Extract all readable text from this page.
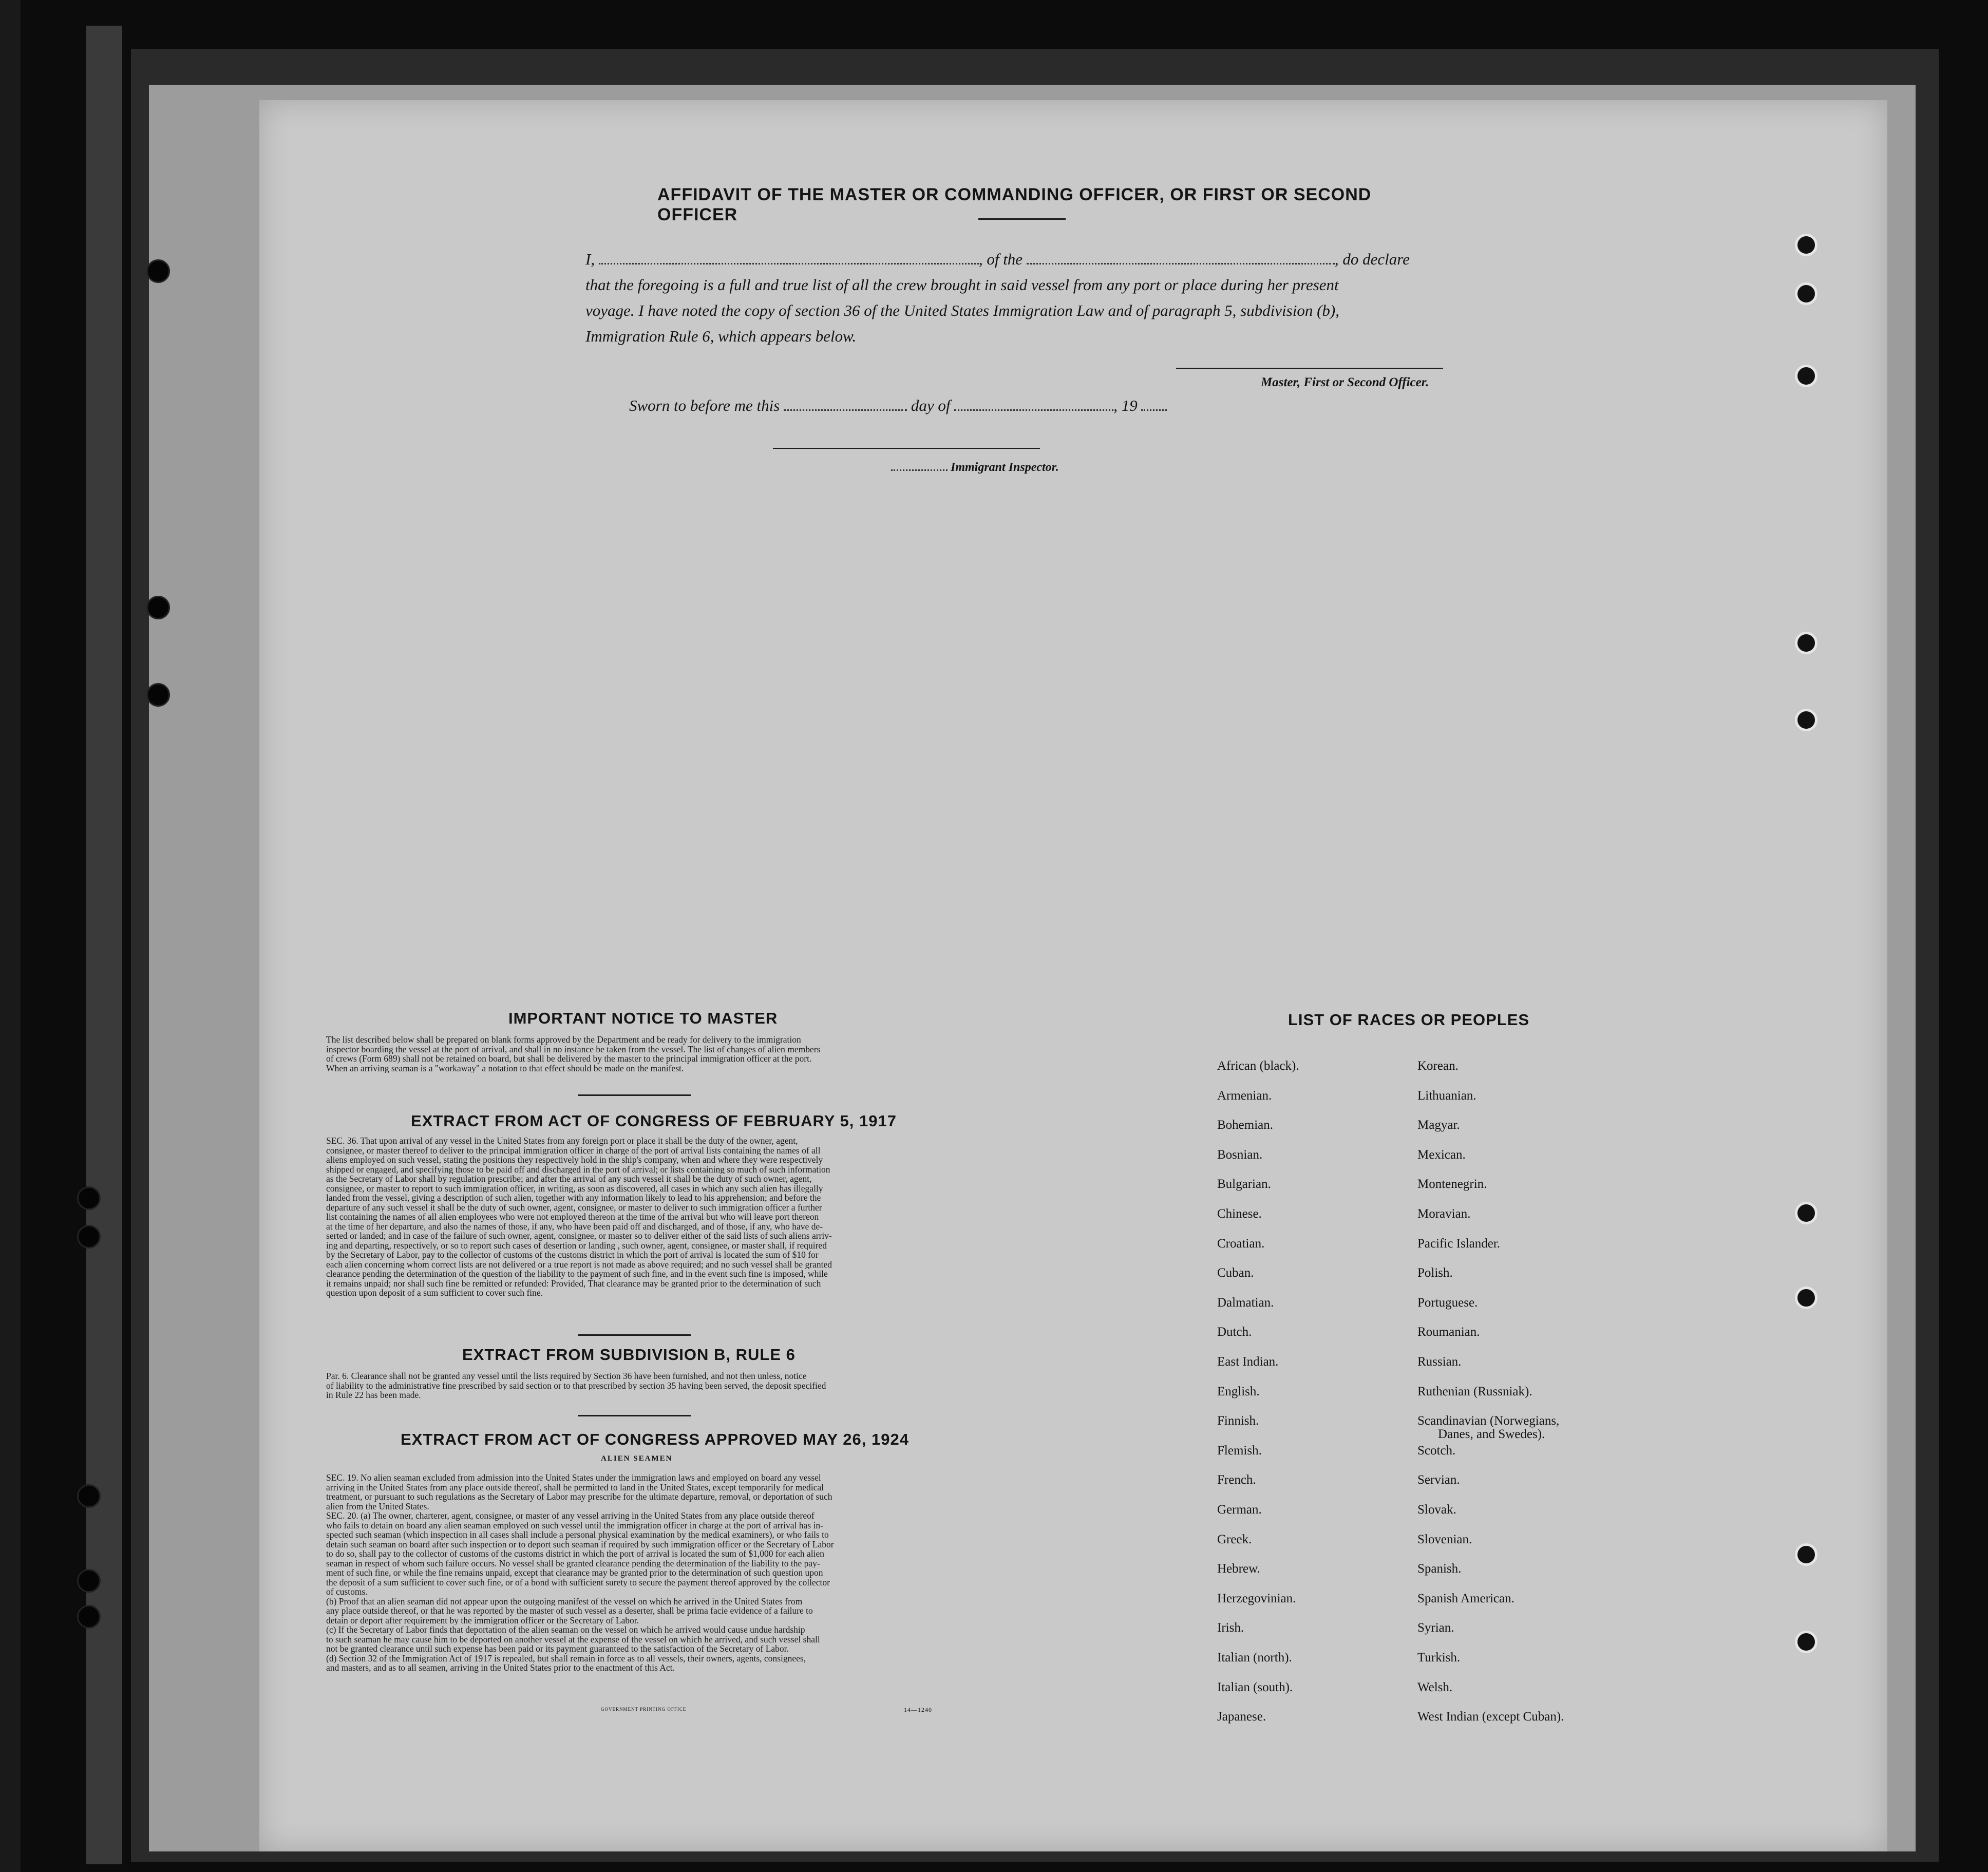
AFFIDAVIT OF THE MASTER OR COMMANDING OFFICER, OR FIRST OR SECOND OFFICER
I,	, of the	, do declare
that the foregoing is a full and true list of all the crew brought in said vessel from any port or place during her present
voyage. I have noted the copy of section 36 of the United States Immigration Law and of paragraph 5, subdivision (b),
Immigration Rule 6, which appears below.
Master, First or Second Officer.
Sworn to before me this	day of	, 19
Immigrant Inspector.
IMPORTANT NOTICE TO MASTER
The list described below shall be prepared on blank forms approved by the Department and be ready for delivery to the immigration
inspector boarding the vessel at the port of arrival, and shall in no instance be taken from the vessel. The list of changes of alien members
of crews (Form 689) shall not be retained on board, but shall be delivered by the master to the principal immigration officer at the port.
When an arriving seaman is a "workaway" a notation to that effect should be made on the manifest.
EXTRACT FROM ACT OF CONGRESS OF FEBRUARY 5, 1917
SEC. 36. That upon arrival of any vessel in the United States from any foreign port or place it shall be the duty of the owner, agent,
consignee, or master thereof to deliver to the principal immigration officer in charge of the port of arrival lists containing the names of all
aliens employed on such vessel, stating the positions they respectively hold in the ship's company, when and where they were respectively
shipped or engaged, and specifying those to be paid off and discharged in the port of arrival; or lists containing so much of such information
as the Secretary of Labor shall by regulation prescribe; and after the arrival of any such vessel it shall be the duty of such owner, agent,
consignee, or master to report to such immigration officer, in writing, as soon as discovered, all cases in which any such alien has illegally
landed from the vessel, giving a description of such alien, together with any information likely to lead to his apprehension; and before the
departure of any such vessel it shall be the duty of such owner, agent, consignee, or master to deliver to such immigration officer a further
list containing the names of all alien employees who were not employed thereon at the time of the arrival but who will leave port thereon
at the time of her departure, and also the names of those, if any, who have been paid off and discharged, and of those, if any, who have de-
serted or landed; and in case of the failure of such owner, agent, consignee, or master so to deliver either of the said lists of such aliens arriv-
ing and departing, respectively, or so to report such cases of desertion or landing , such owner, agent, consignee, or master shall, if required
by the Secretary of Labor, pay to the collector of customs of the customs district in which the port of arrival is located the sum of $10 for
each alien concerning whom correct lists are not delivered or a true report is not made as above required; and no such vessel shall be granted
clearance pending the determination of the question of the liability to the payment of such fine, and in the event such fine is imposed, while
it remains unpaid; nor shall such fine be remitted or refunded: Provided, That clearance may be granted prior to the determination of such
question upon deposit of a sum sufficient to cover such fine.
EXTRACT FROM SUBDIVISION B, RULE 6
Par. 6. Clearance shall not be granted any vessel until the lists required by Section 36 have been furnished, and not then unless, notice
of liability to the administrative fine prescribed by said section or to that prescribed by section 35 having been served, the deposit specified
in Rule 22 has been made.
EXTRACT FROM ACT OF CONGRESS APPROVED MAY 26, 1924
ALIEN SEAMEN
SEC. 19. No alien seaman excluded from admission into the United States under the immigration laws and employed on board any vessel
arriving in the United States from any place outside thereof, shall be permitted to land in the United States, except temporarily for medical
treatment, or pursuant to such regulations as the Secretary of Labor may prescribe for the ultimate departure, removal, or deportation of such
alien from the United States.
SEC. 20. (a) The owner, charterer, agent, consignee, or master of any vessel arriving in the United States from any place outside thereof
who fails to detain on board any alien seaman employed on such vessel until the immigration officer in charge at the port of arrival has in-
spected such seaman (which inspection in all cases shall include a personal physical examination by the medical examiners), or who fails to
detain such seaman on board after such inspection or to deport such seaman if required by such immigration officer or the Secretary of Labor
to do so, shall pay to the collector of customs of the customs district in which the port of arrival is located the sum of $1,000 for each alien
seaman in respect of whom such failure occurs. No vessel shall be granted clearance pending the determination of the liability to the pay-
ment of such fine, or while the fine remains unpaid, except that clearance may be granted prior to the determination of such question upon
the deposit of a sum sufficient to cover such fine, or of a bond with sufficient surety to secure the payment thereof approved by the collector
of customs.
(b) Proof that an alien seaman did not appear upon the outgoing manifest of the vessel on which he arrived in the United States from
any place outside thereof, or that he was reported by the master of such vessel as a deserter, shall be prima facie evidence of a failure to
detain or deport after requirement by the immigration officer or the Secretary of Labor.
(c) If the Secretary of Labor finds that deportation of the alien seaman on the vessel on which he arrived would cause undue hardship
to such seaman he may cause him to be deported on another vessel at the expense of the vessel on which he arrived, and such vessel shall
not be granted clearance until such expense has been paid or its payment guaranteed to the satisfaction of the Secretary of Labor.
(d) Section 32 of the Immigration Act of 1917 is repealed, but shall remain in force as to all vessels, their owners, agents, consignees,
and masters, and as to all seamen, arriving in the United States prior to the enactment of this Act.
GOVERNMENT PRINTING OFFICE	14—1240
LIST OF RACES OR PEOPLES
African (black).
Armenian.
Bohemian.
Bosnian.
Bulgarian.
Chinese.
Croatian.
Cuban.
Dalmatian.
Dutch.
East Indian.
English.
Finnish.
Flemish.
French.
German.
Greek.
Hebrew.
Herzegovinian.
Irish.
Italian (north).
Italian (south).
Japanese.
Korean.
Lithuanian.
Magyar.
Mexican.
Montenegrin.
Moravian.
Pacific Islander.
Polish.
Portuguese.
Roumanian.
Russian.
Ruthenian (Russniak).
Scandinavian (Norwegians,
Danes, and Swedes).
Scotch.
Servian.
Slovak.
Slovenian.
Spanish.
Spanish American.
Syrian.
Turkish.
Welsh.
West Indian (except Cuban).
